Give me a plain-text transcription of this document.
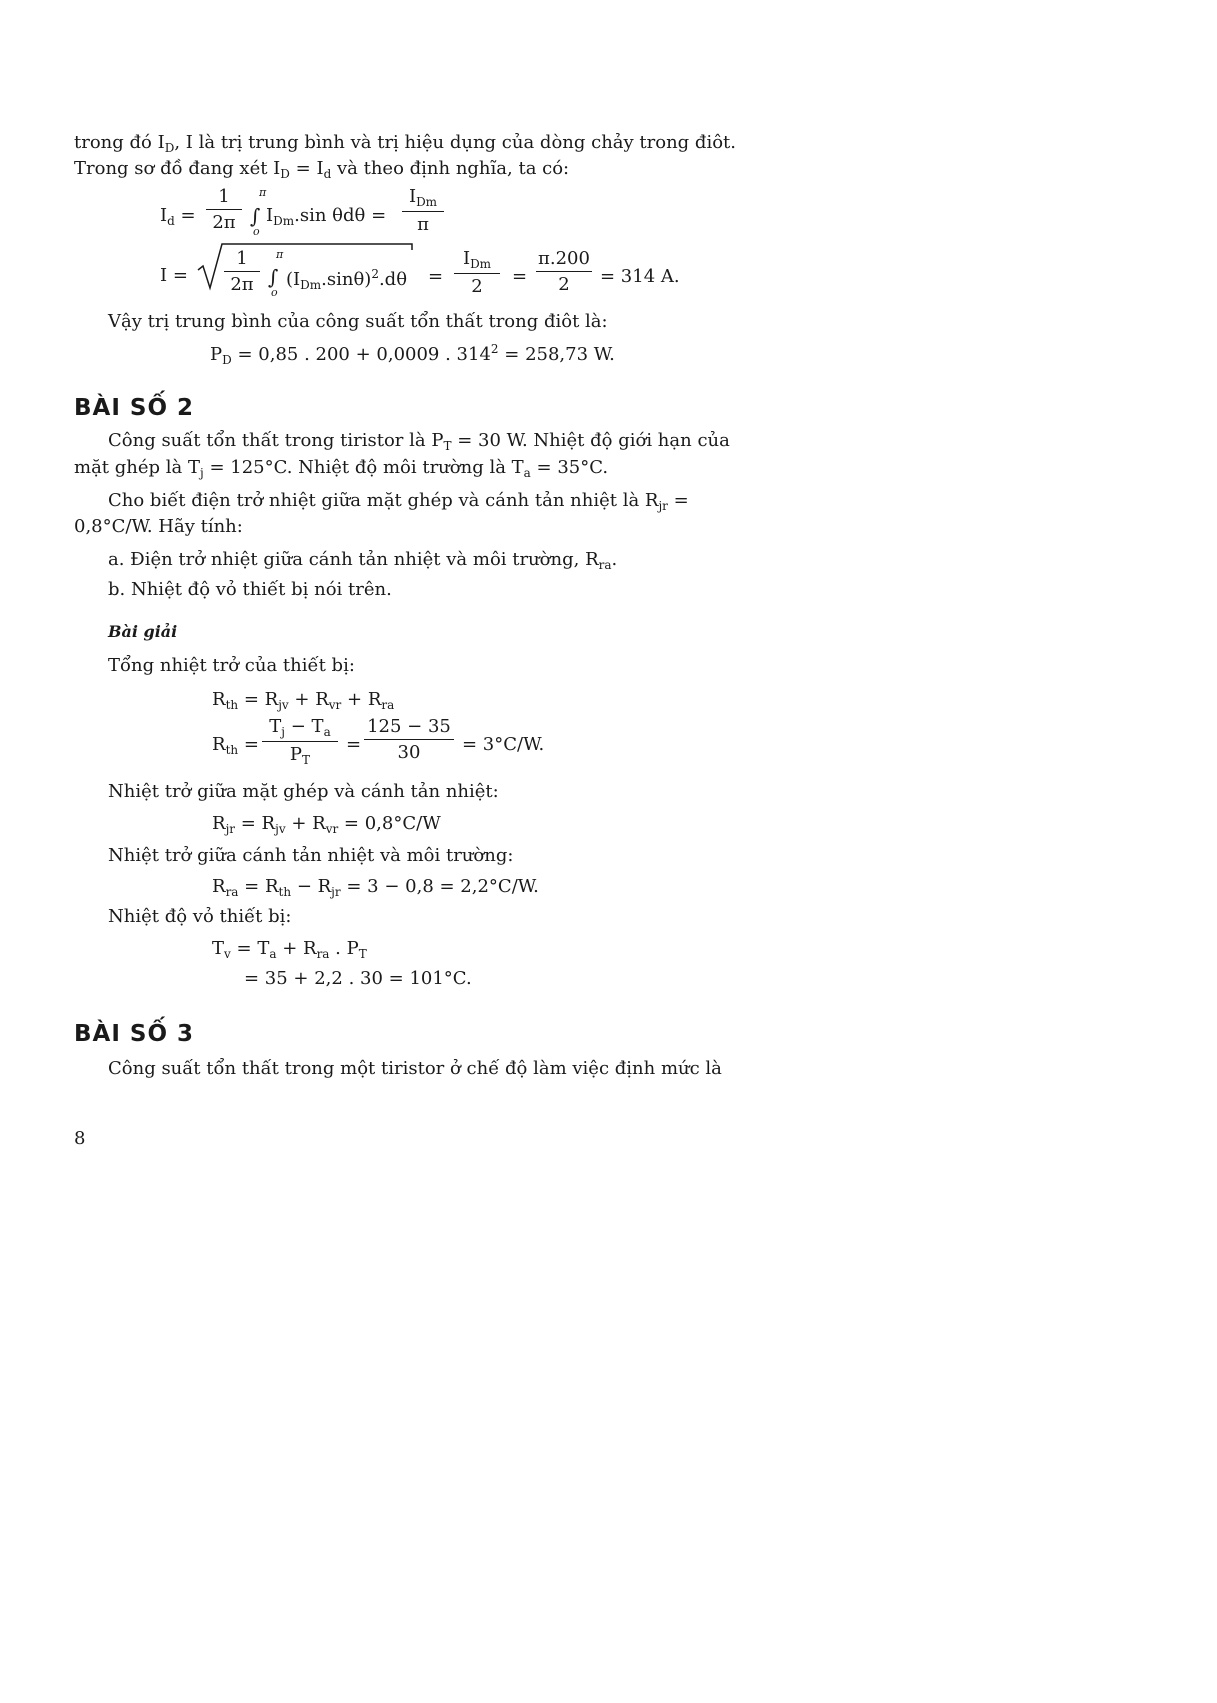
trong đó $I_D$, I là trị trung bình và trị hiệu dụng của dòng chảy trong điôt.
Trong sơ đồ đang xét $I_D = I_d$ và theo định nghĩa, ta có:
$I_d = \frac{1}{2\pi}$ π
∫
o
$I_{Dm}.\sin$ θdθ =
$I_{Dm}$
π
$I = \frac{1}{2\pi}$ π
∫
o
$(I_{Dm}.\sin\theta)^2.d\theta$ =
$I_{Dm}$
2	= $\frac{\pi.200}{2} = 314$ A.
Vậy trị trung bình của công suất tổn thất trong điôt là:
$P_D = 0,85$ . 200 + 0,0009 . $314^2 = 258,73$ W.
BÀI SỐ 2
Công suất tổn thất trong tiristor là $P_T = 30$ W. Nhiệt độ giới hạn của
mặt ghép là $T_j = 125^\circ C$. Nhiệt độ môi trường là $T_a = 35^\circ C$.
Cho biết điện trở nhiệt giữa mặt ghép và cánh tản nhiệt là $R_{jr}$ =
0,8°C/W. Hãy tính:
a. Điện trở nhiệt giữa cánh tản nhiệt và môi trường, $R_{ra}$.
b. Nhiệt độ vỏ thiết bị nói trên.
Bài giải
Tổng nhiệt trở của thiết bị:
$R_{th} = R_{jv} + R_{vr} + R_{ra}$
$R_{th} = \frac{T_j - T_a}{P_T} = \frac{125 - 35}{30} = 3^\circ C/W$.
Nhiệt trở giữa mặt ghép và cánh tản nhiệt:
$R_{jr} = R_{jv} + R_{vr} = 0,8^\circ C/W$
Nhiệt trở giữa cánh tản nhiệt và môi trường:
$R_{ra} = R_{th} - R_{jr} = 3 - 0,8 = 2,2^\circ C/W$.
Nhiệt độ vỏ thiết bị:
$T_v = T_a + R_{ra}$ . $P_T$
= 35 + 2,2 . 30 = 101°C.
BÀI SỐ 3
Công suất tổn thất trong một tiristor ở chế độ làm việc định mức là
8
